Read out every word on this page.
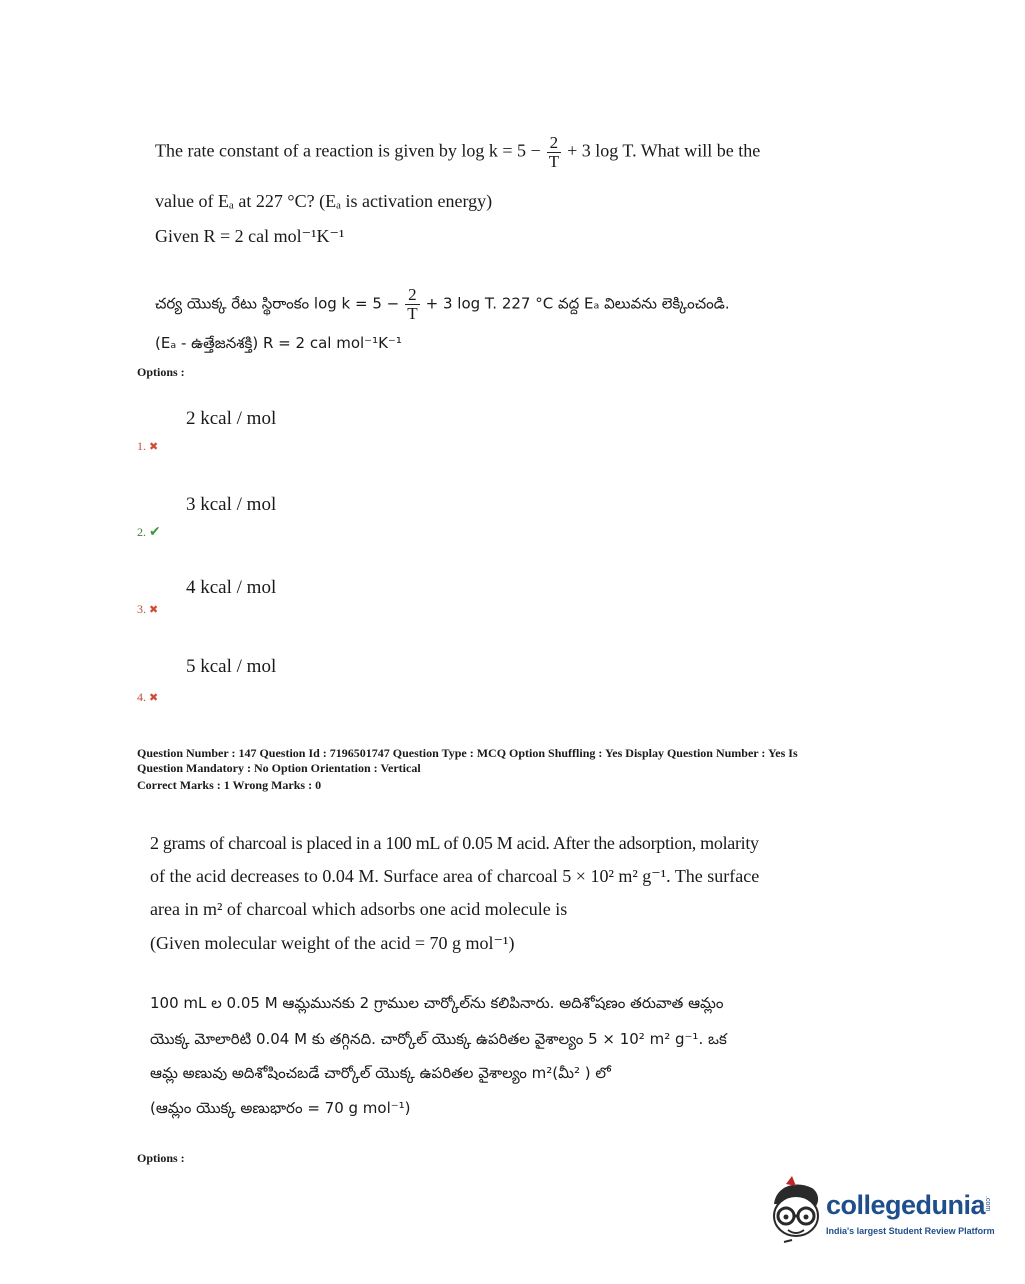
The rate constant of a reaction is given by $\log k = 5 - \frac{2}{T} + 3$ log T. What will be the
value of Eₐ at 227 °C? (Eₐ is activation energy)
Given R = 2 cal mol⁻¹K⁻¹
చర్య యొక్క రేటు స్థిరాంకం $\log k = 5 - \frac{2}{T} + 3$ log T. 227 °C వద్ద Eₐ విలువను లెక్కించండి.
(Eₐ - ఉత్తేజనశక్తి) R = 2 cal mol⁻¹K⁻¹
Options :
2 kcal / mol
1. ✖
3 kcal / mol
2. ✔
4 kcal / mol
3. ✖
5 kcal / mol
4. ✖
Question Number : 147 Question Id : 7196501747 Question Type : MCQ Option Shuffling : Yes Display Question Number : Yes Is
Question Mandatory : No Option Orientation : Vertical
Correct Marks : 1 Wrong Marks : 0
2 grams of charcoal is placed in a 100 mL of 0.05 M acid. After the adsorption, molarity
of the acid decreases to 0.04 M. Surface area of charcoal 5 × 10² m² g⁻¹. The surface
area in m² of charcoal which adsorbs one acid molecule is
(Given molecular weight of the acid = 70 g mol⁻¹)
100 mL ల 0.05 M ఆమ్లమునకు 2 గ్రాముల చార్కోల్‌ను కలిపినారు. అదిశోషణం తరువాత ఆమ్లం
యొక్క మోలారిటి 0.04 M కు తగ్గినది. చార్కోల్ యొక్క ఉపరితల వైశాల్యం 5 × 10² m² g⁻¹. ఒక
ఆమ్ల అణువు అదిశోషించబడే చార్కోల్ యొక్క ఉపరితల వైశాల్యం m²(మీ² ) లో
(ఆమ్లం యొక్క అణుభారం = 70 g mol⁻¹)
Options :
collegedunia
.com
India's largest Student Review Platform
